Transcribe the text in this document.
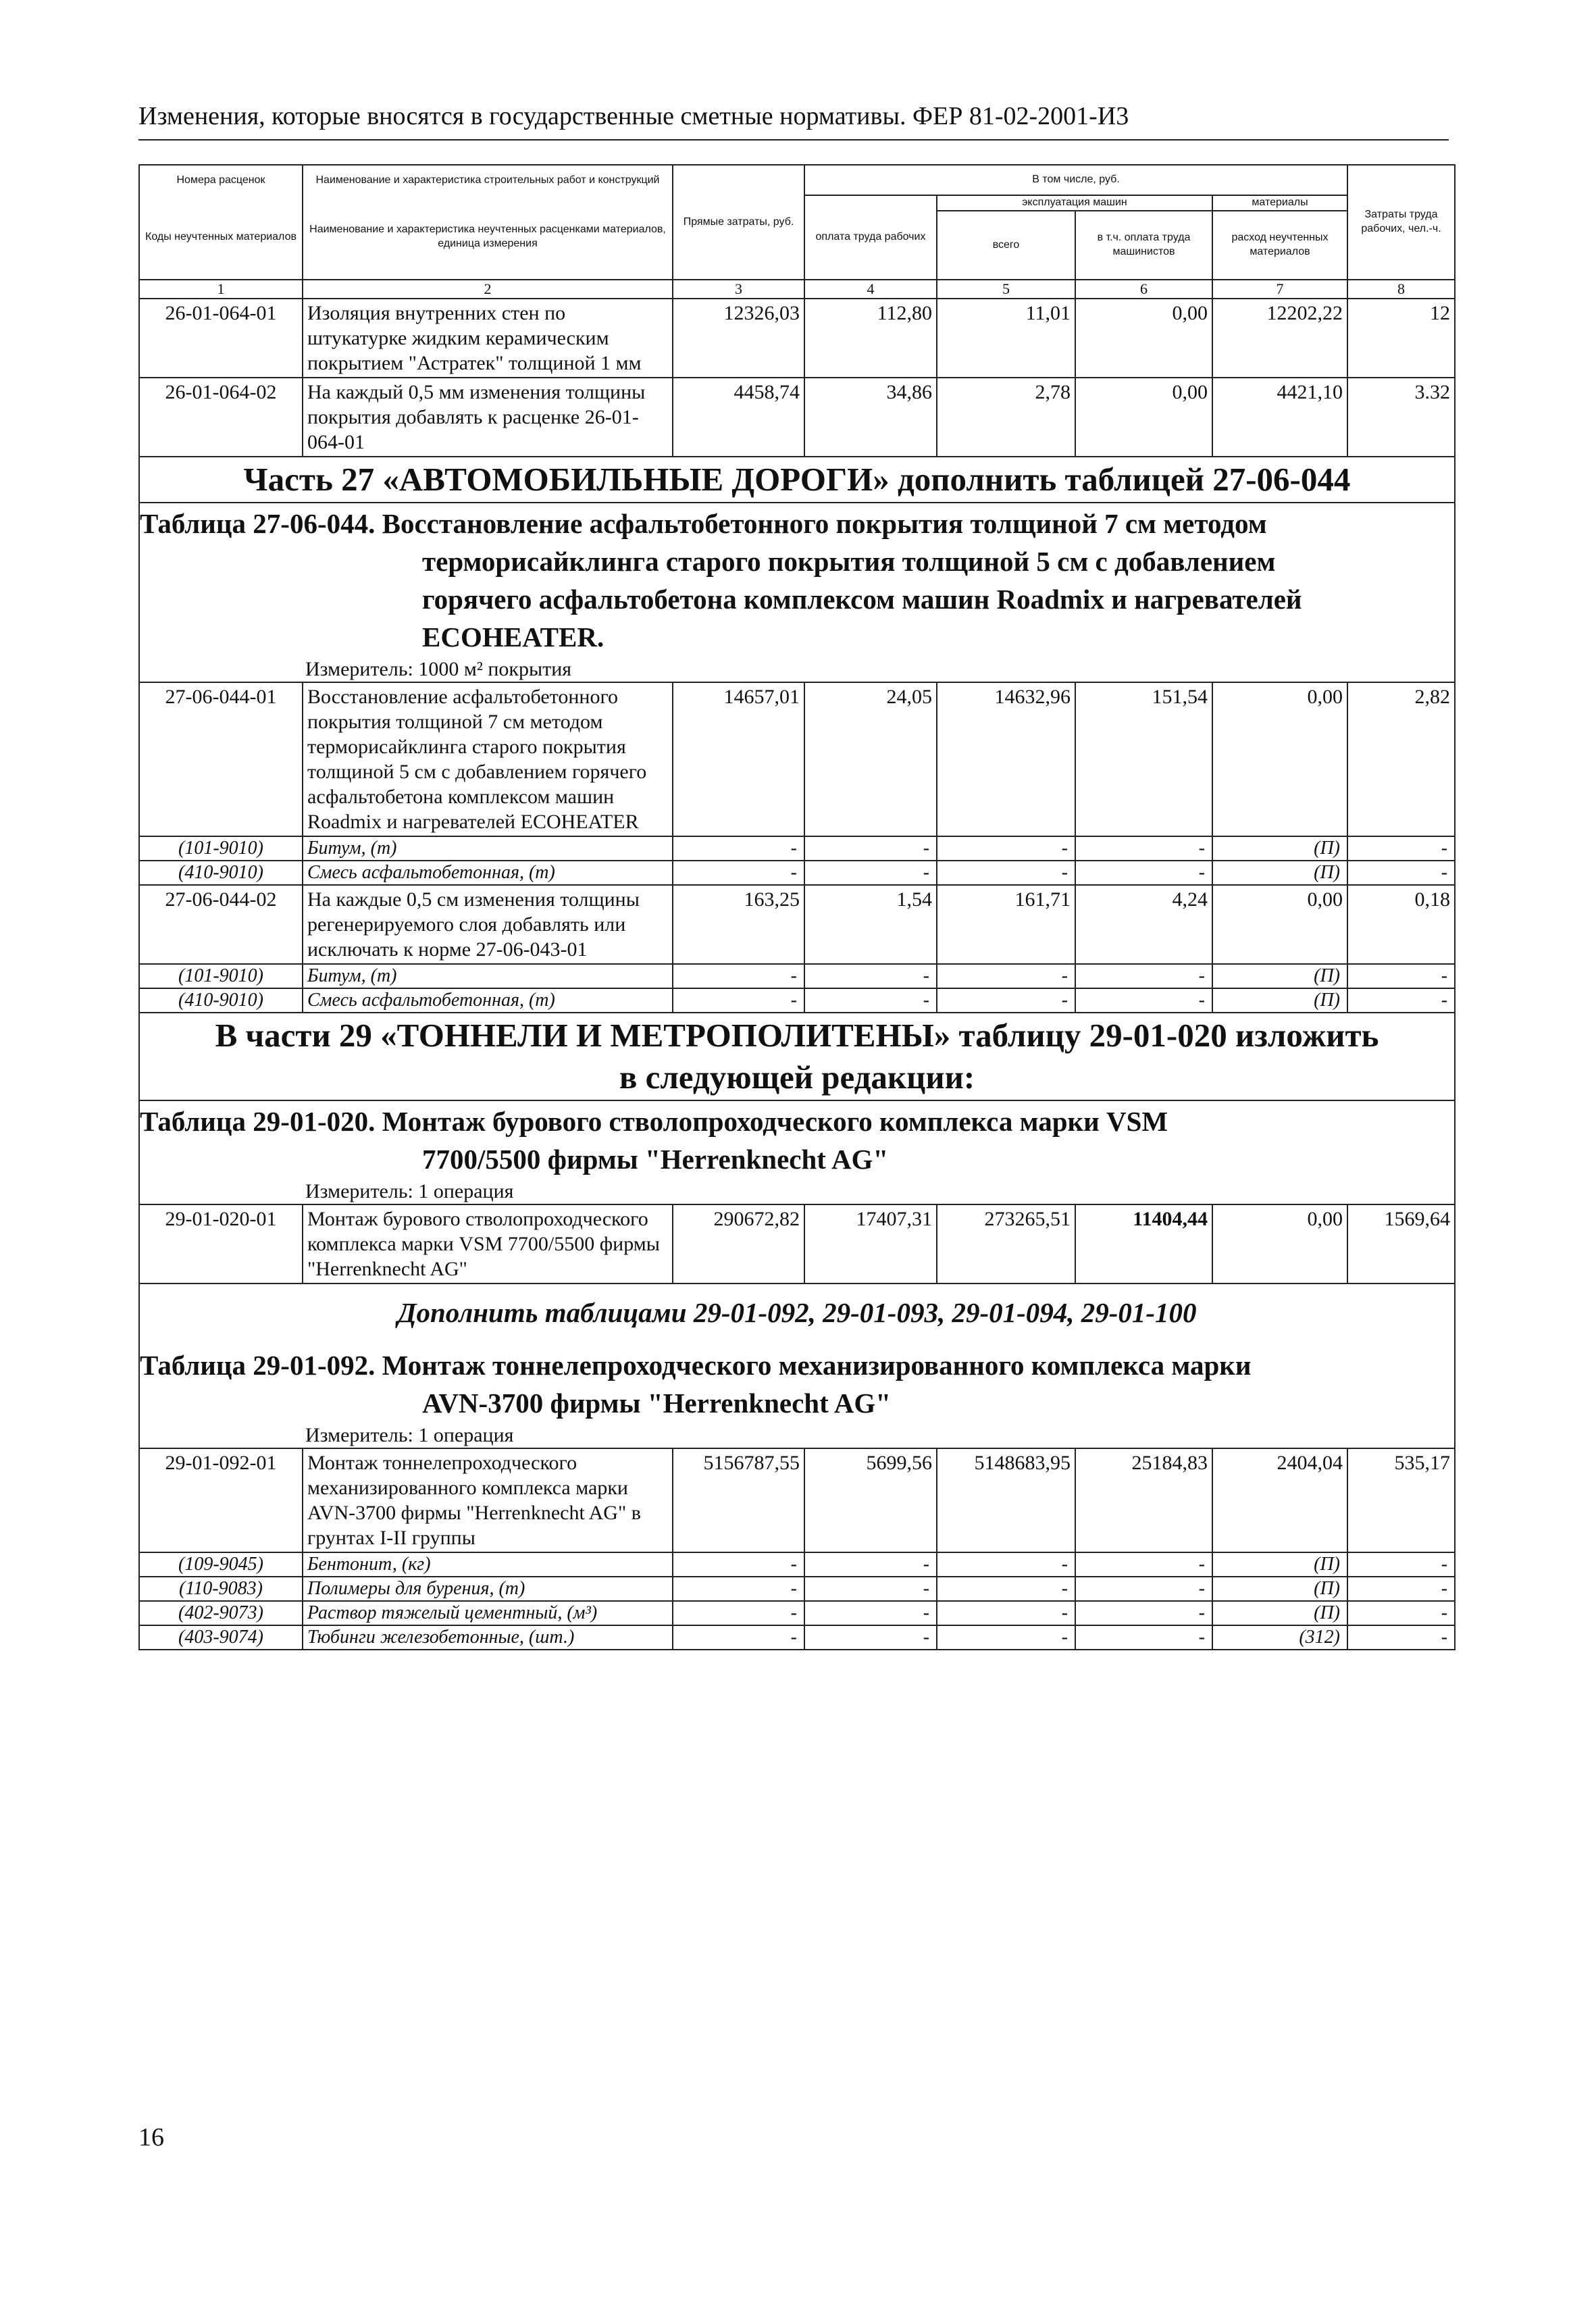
Изменения, которые вносятся в государственные сметные нормативы. ФЕР 81-02-2001-И3
Номера расценок	Наименование и характеристика строительных работ и конструкций	Прямые затраты, руб.	В том числе, руб.				Затраты труда рабочих, чел.-ч.
Коды неучтенных материалов	Наименование и характеристика неучтенных расценками материалов, единица измерения		оплата труда рабочих	эксплуатация машин		материалы	
				всего	в т.ч. оплата труда машинистов	расход неучтенных материалов	

1	2	3	4	5	6	7	8
26-01-064-01	Изоляция внутренних стен по штукатурке жидким керамическим покрытием "Астратек" толщиной 1 мм	12326,03	112,80	11,01	0,00	12202,22	12
26-01-064-02	На каждый 0,5 мм изменения толщины покрытия добавлять к расценке 26-01-064-01	4458,74	34,86	2,78	0,00	4421,10	3.32
Часть 27 «АВТОМОБИЛЬНЫЕ ДОРОГИ» дополнить таблицей 27-06-044							
Таблица 27-06-044. Восстановление асфальтобетонного покрытия толщиной 7 см методом
терморисайклинга старого покрытия толщиной 5 см с добавлением
горячего асфальтобетона комплексом машин Roadmix и нагревателей
ECOHEATER.							

Измеритель: 1000 м² покрытия							
27-06-044-01	Восстановление асфальтобетонного покрытия толщиной 7 см методом терморисайклинга старого покрытия толщиной 5 см с добавлением горячего асфальтобетона комплексом машин Roadmix и нагревателей ECOHEATER	14657,01	24,05	14632,96	151,54	0,00	2,82
(101-9010)	Битум, (т)	-	-	-	-	(П)	-
(410-9010)	Смесь асфальтобетонная, (т)	-	-	-	-	(П)	-
27-06-044-02	На каждые 0,5 см изменения толщины регенерируемого слоя добавлять или исключать к норме 27-06-043-01	163,25	1,54	161,71	4,24	0,00	0,18
(101-9010)	Битум, (т)	-	-	-	-	(П)	-
(410-9010)	Смесь асфальтобетонная, (т)	-	-	-	-	(П)	-

В части 29 «ТОННЕЛИ И МЕТРОПОЛИТЕНЫ» таблицу 29-01-020 изложить
в следующей редакции:							

Таблица 29-01-020. Монтаж бурового стволопроходческого комплекса марки VSM
7700/5500 фирмы "Herrenknecht AG"							

Измеритель: 1 операция							
29-01-020-01	Монтаж бурового стволопроходческого комплекса марки VSM 7700/5500 фирмы "Herrenknecht AG"	290672,82	17407,31	273265,51	11404,44	0,00	1569,64
Дополнить таблицами 29-01-092, 29-01-093, 29-01-094, 29-01-100							
Таблица 29-01-092. Монтаж тоннелепроходческого механизированного комплекса марки
AVN-3700 фирмы "Herrenknecht AG"							

Измеритель: 1 операция							
29-01-092-01	Монтаж тоннелепроходческого механизированного комплекса марки AVN-3700 фирмы "Herrenknecht AG" в грунтах I-II группы	5156787,55	5699,56	5148683,95	25184,83	2404,04	535,17
(109-9045)	Бентонит, (кг)	-	-	-	-	(П)	-
(110-9083)	Полимеры для бурения, (т)	-	-	-	-	(П)	-
(402-9073)	Раствор тяжелый цементный, (м³)	-	-	-	-	(П)	-
(403-9074)	Тюбинги железобетонные, (шт.)	-	-	-	-	(312)	-
16
